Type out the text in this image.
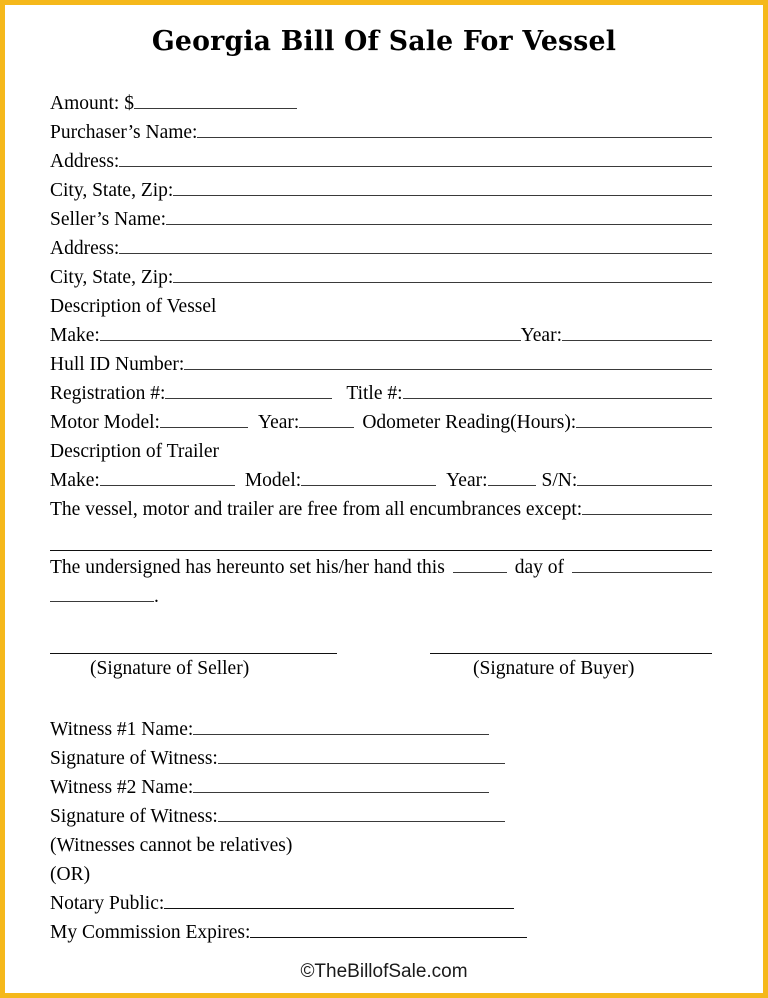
Georgia Bill Of Sale For Vessel
Amount: $
Purchaser’s Name:
Address:
City, State, Zip:
Seller’s Name:
Address:
City, State, Zip:
Description of Vessel
Make:	Year:
Hull ID Number:
Registration #:	Title #:
Motor Model:	Year:	Odometer Reading(Hours):
Description of Trailer
Make:	Model:	Year:	S/N:
The vessel, motor and trailer are free from all encumbrances except:
The undersigned has hereunto set his/her hand this	day of
.
(Signature of Seller)	(Signature of Buyer)
Witness #1 Name:
Signature of Witness:
Witness #2 Name:
Signature of Witness:
(Witnesses cannot be relatives)
(OR)
Notary Public:
My Commission Expires:
©TheBillofSale.com
